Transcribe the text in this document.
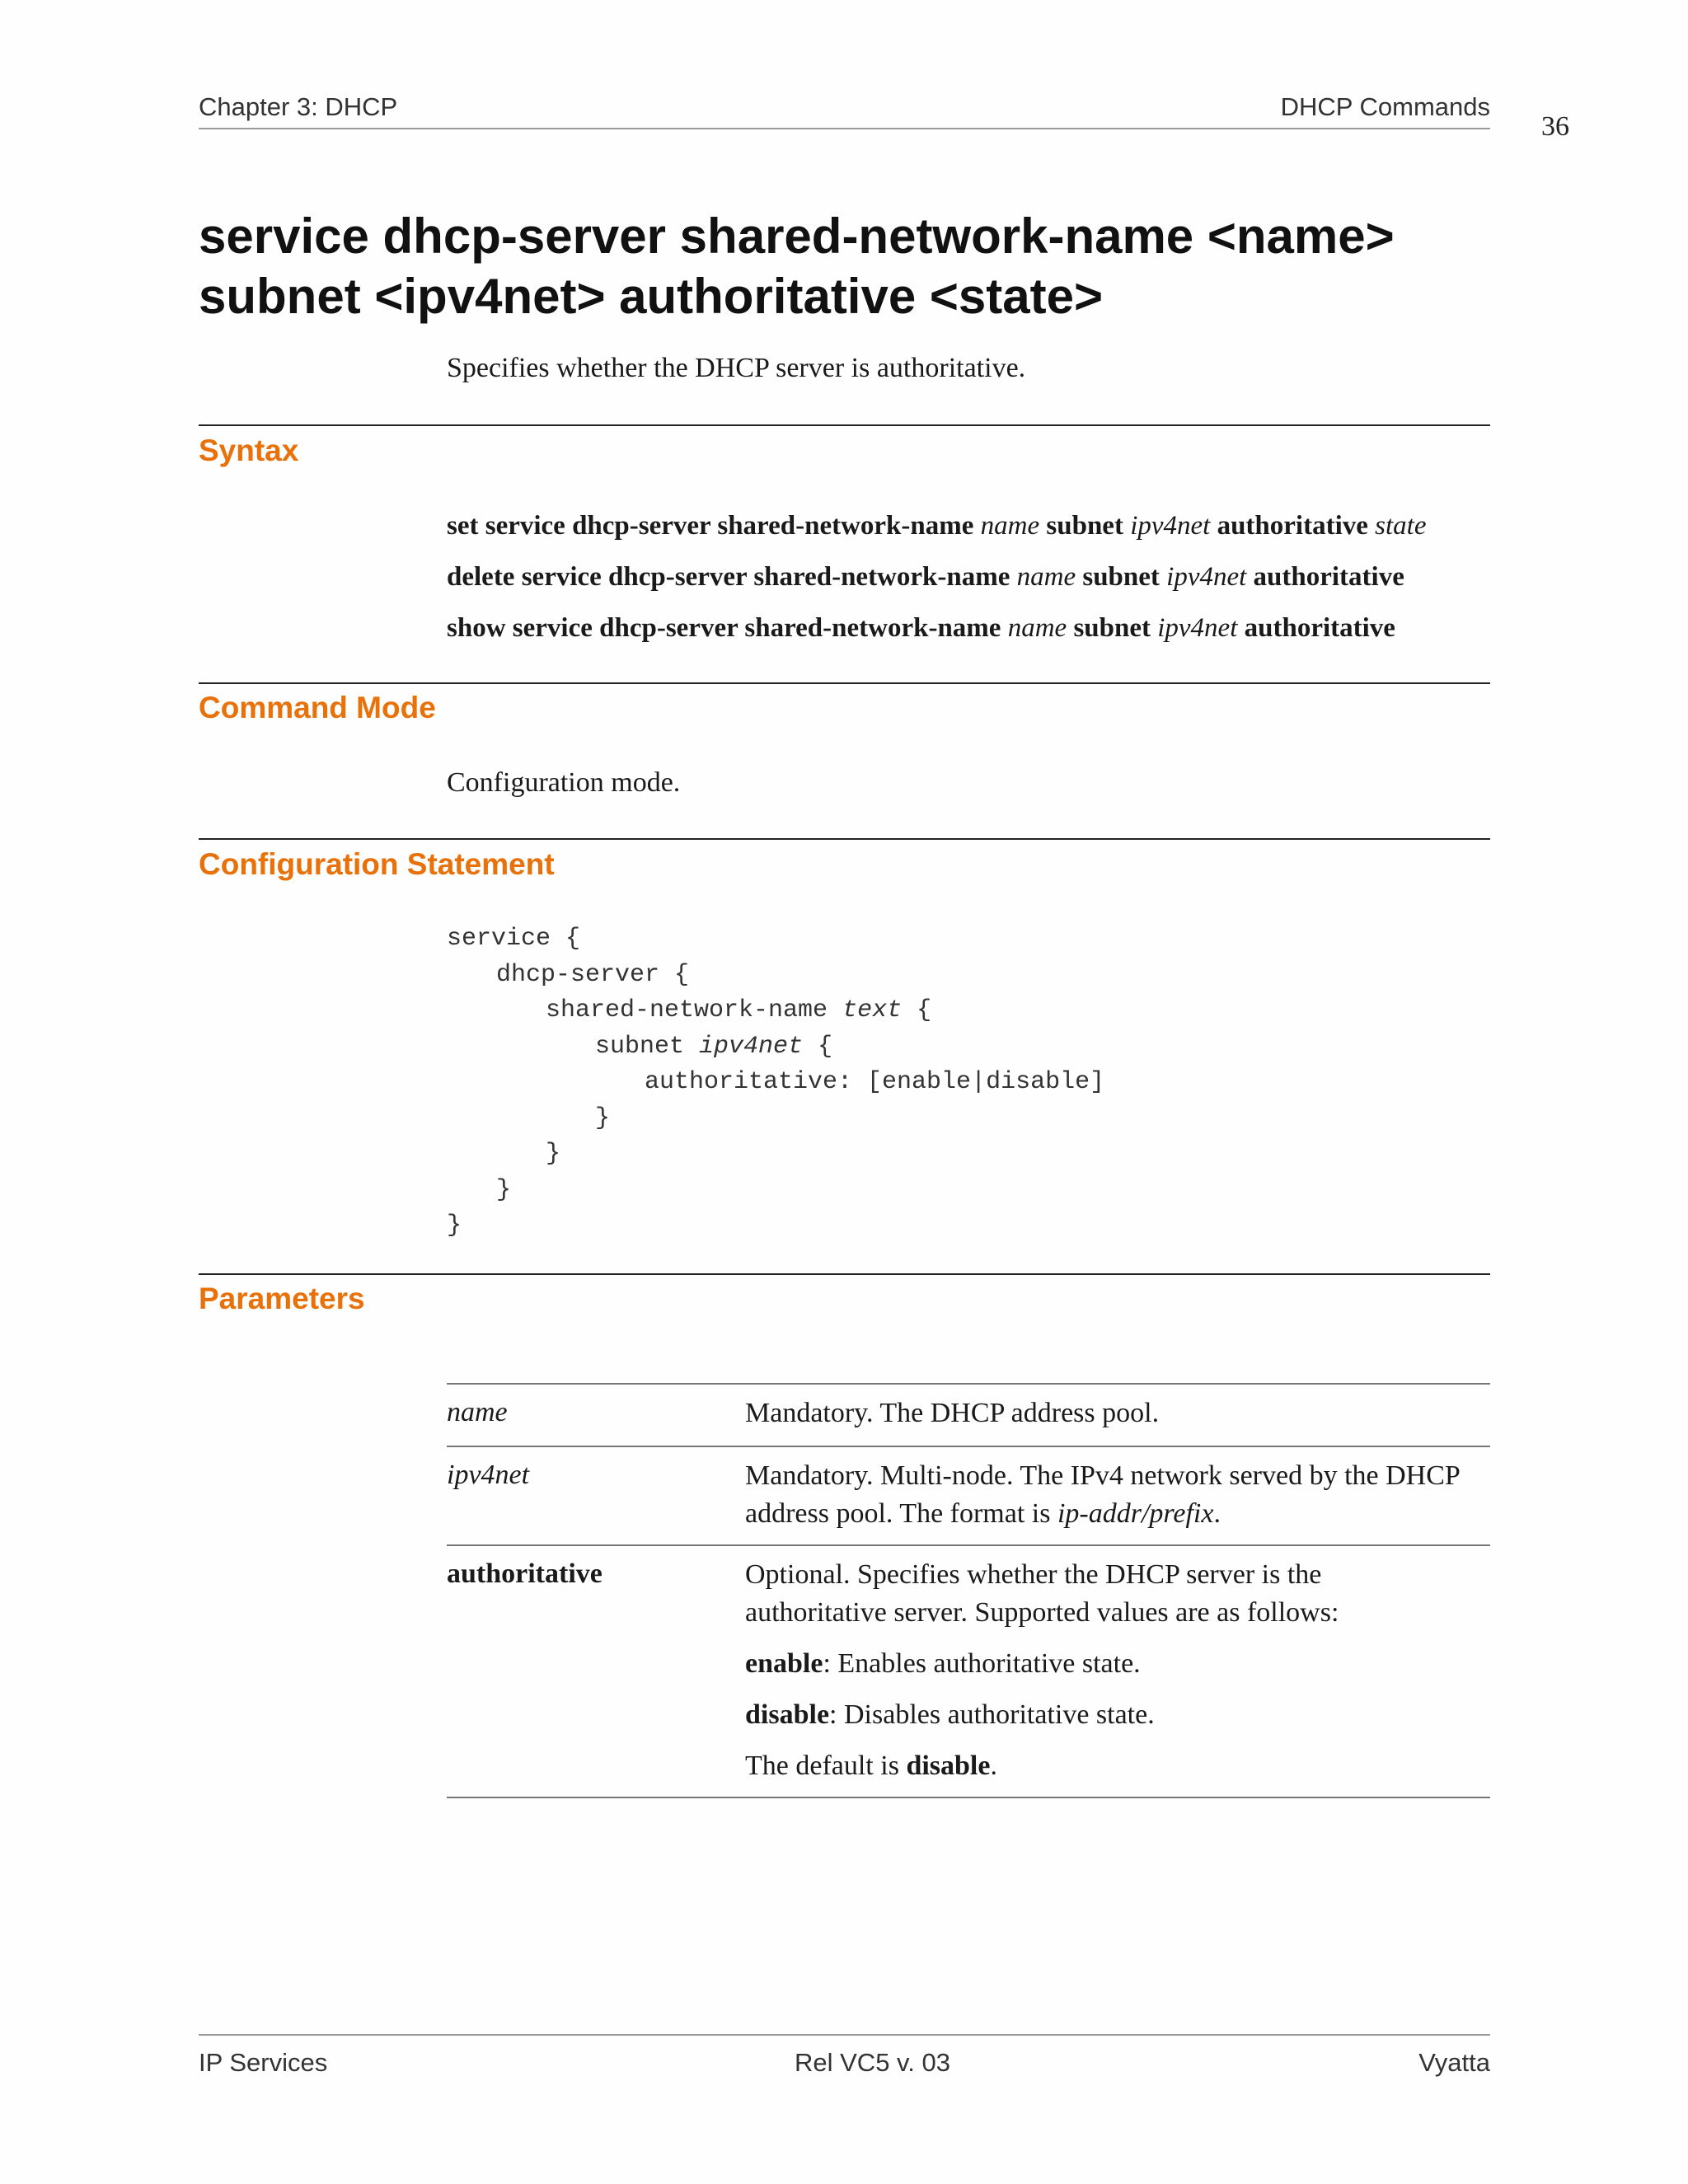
Chapter 3: DHCP	DHCP Commands
36
service dhcp-server shared-network-name <name>
subnet <ipv4net> authoritative <state>
Specifies whether the DHCP server is authoritative.
Syntax
set service dhcp-server shared-network-name name subnet ipv4net authoritative state
delete service dhcp-server shared-network-name name subnet ipv4net authoritative
show service dhcp-server shared-network-name name subnet ipv4net authoritative
Command Mode
Configuration mode.
Configuration Statement
service {
dhcp-server {
shared-network-name text {
subnet ipv4net {
authoritative: [enable|disable]
}
}
}
}
Parameters
name	Mandatory. The DHCP address pool.

ipv4net	Mandatory. Multi-node. The IPv4 network served by the DHCP

address pool. The format is ip-addr/prefix.

authoritative	Optional. Specifies whether the DHCP server is the

authoritative server. Supported values are as follows:

enable: Enables authoritative state.

disable: Disables authoritative state.

The default is disable.

IP Services	Rel VC5 v. 03	Vyatta
